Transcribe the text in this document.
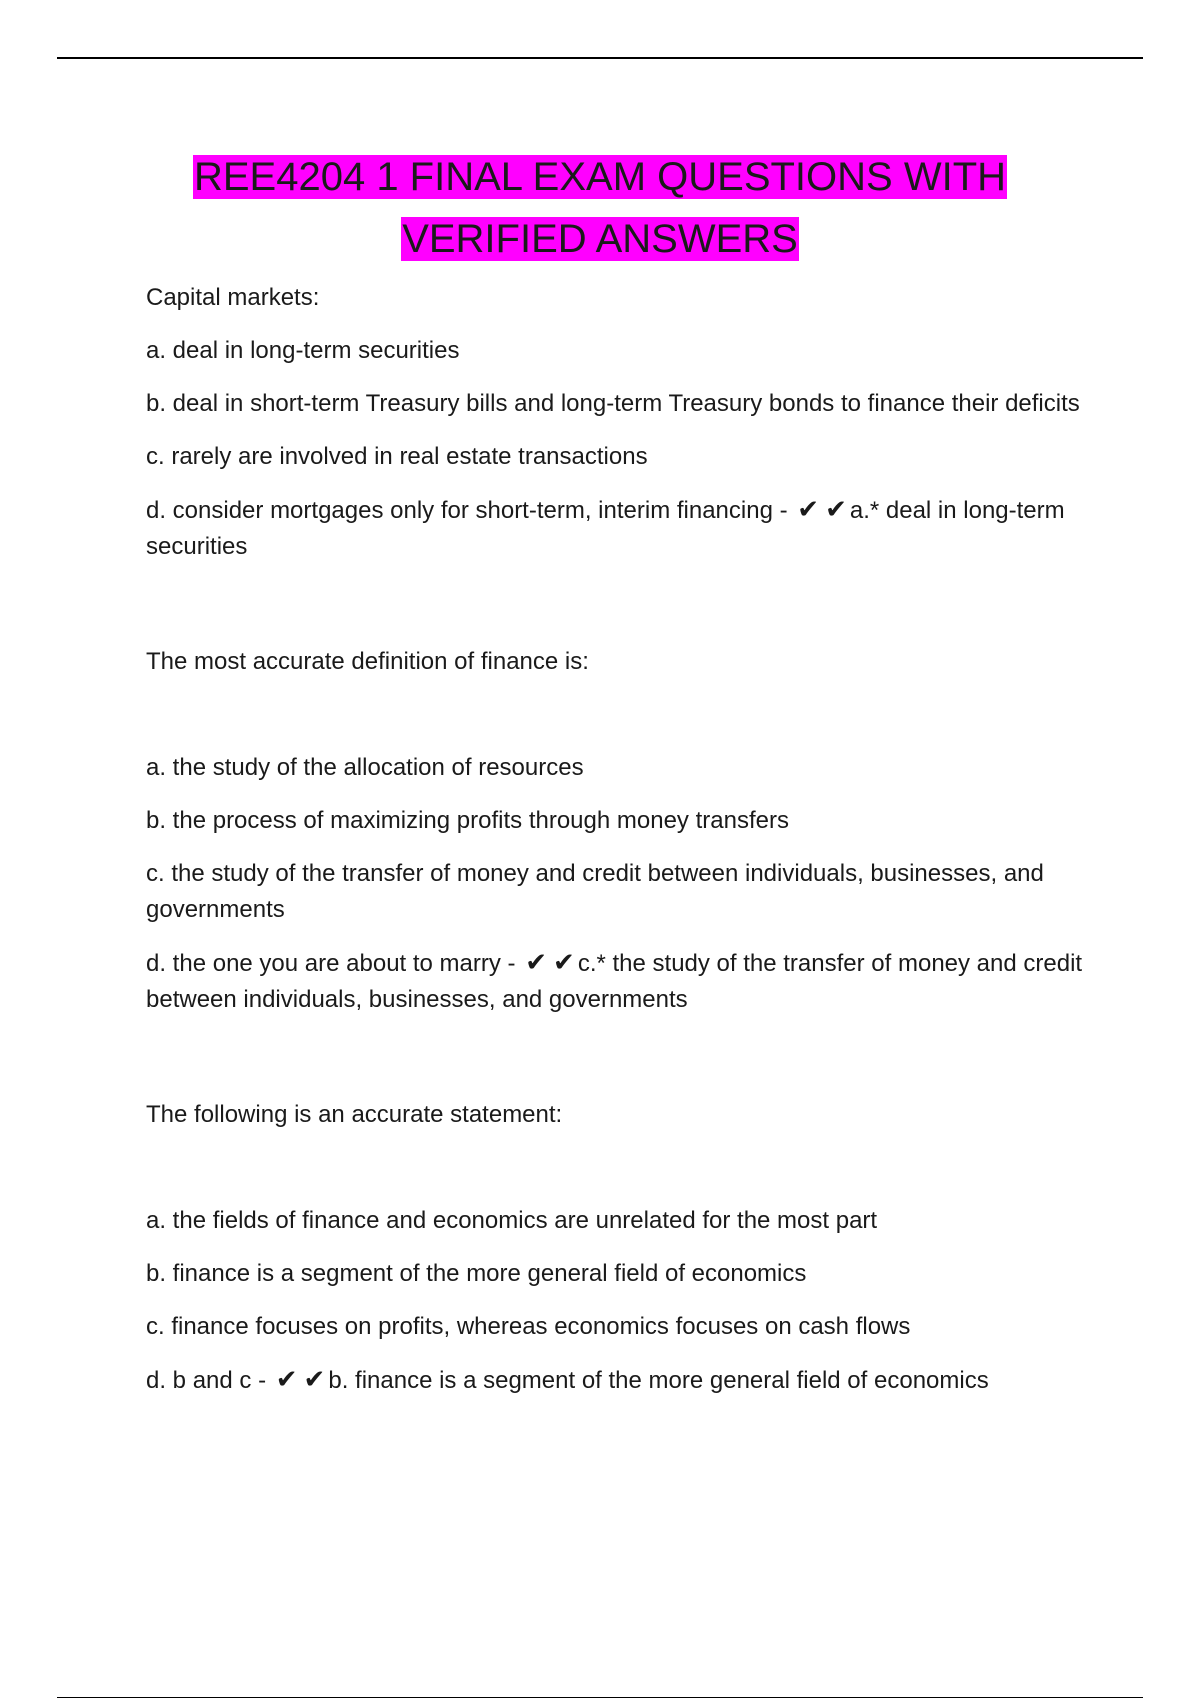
REE4204 1 FINAL EXAM QUESTIONS WITH
VERIFIED ANSWERS

Capital markets:

a. deal in long-term securities

b. deal in short-term Treasury bills and long-term Treasury bonds to finance their deficits

c. rarely are involved in real estate transactions

d. consider mortgages only for short-term, interim financing - ✔ ✔ a.* deal in long-term securities

The most accurate definition of finance is:

a. the study of the allocation of resources

b. the process of maximizing profits through money transfers

c. the study of the transfer of money and credit between individuals, businesses, and governments

d. the one you are about to marry - ✔ ✔ c.* the study of the transfer of money and credit between individuals, businesses, and governments

The following is an accurate statement:

a. the fields of finance and economics are unrelated for the most part

b. finance is a segment of the more general field of economics

c. finance focuses on profits, whereas economics focuses on cash flows

d. b and c - ✔ ✔ b. finance is a segment of the more general field of economics
